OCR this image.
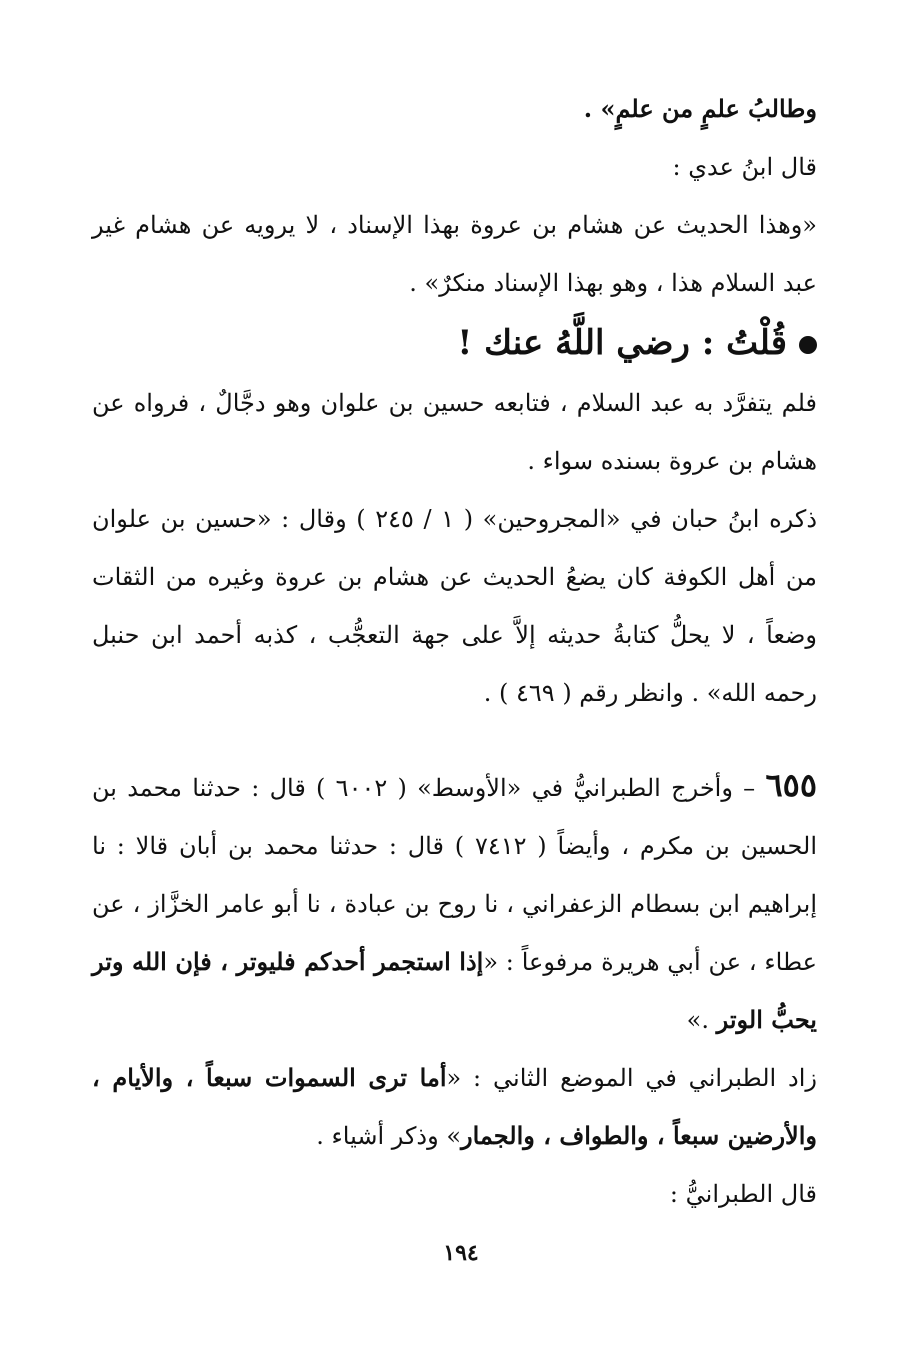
وطالبُ علمٍ من علمٍ» .

قال ابنُ عدي :

«وهذا الحديث عن هشام بن عروة بهذا الإسناد ، لا يرويه عن هشام غير عبد السلام هذا ، وهو بهذا الإسناد منكرٌ» .

قُلْتُ : رضي اللَّهُ عنك !

فلم يتفرَّد به عبد السلام ، فتابعه حسين بن علوان وهو دجَّالٌ ، فرواه عن هشام بن عروة بسنده سواء .

ذكره ابنُ حبان في «المجروحين» ( ١ / ٢٤٥ ) وقال : «حسين بن علوان من أهل الكوفة كان يضعُ الحديث عن هشام بن عروة وغيره من الثقات وضعاً ، لا يحلُّ كتابةُ حديثه إلاَّ على جهة التعجُّب ، كذبه أحمد ابن حنبل رحمه الله» . وانظر رقم ( ٤٦٩ ) .

٦٥٥ – وأخرج الطبرانيُّ في «الأوسط» ( ٦٠٠٢ ) قال : حدثنا محمد بن الحسين بن مكرم ، وأيضاً ( ٧٤١٢ ) قال : حدثنا محمد بن أبان قالا : نا إبراهيم ابن بسطام الزعفراني ، نا روح بن عبادة ، نا أبو عامر الخزَّاز ، عن عطاء ، عن أبي هريرة مرفوعاً : «إذا استجمر أحدكم فليوتر ، فإن الله وتر يحبُّ الوتر .»

زاد الطبراني في الموضع الثاني : «أما ترى السموات سبعاً ، والأيام ، والأرضين سبعاً ، والطواف ، والجمار» وذكر أشياء .

قال الطبرانيُّ :

١٩٤
